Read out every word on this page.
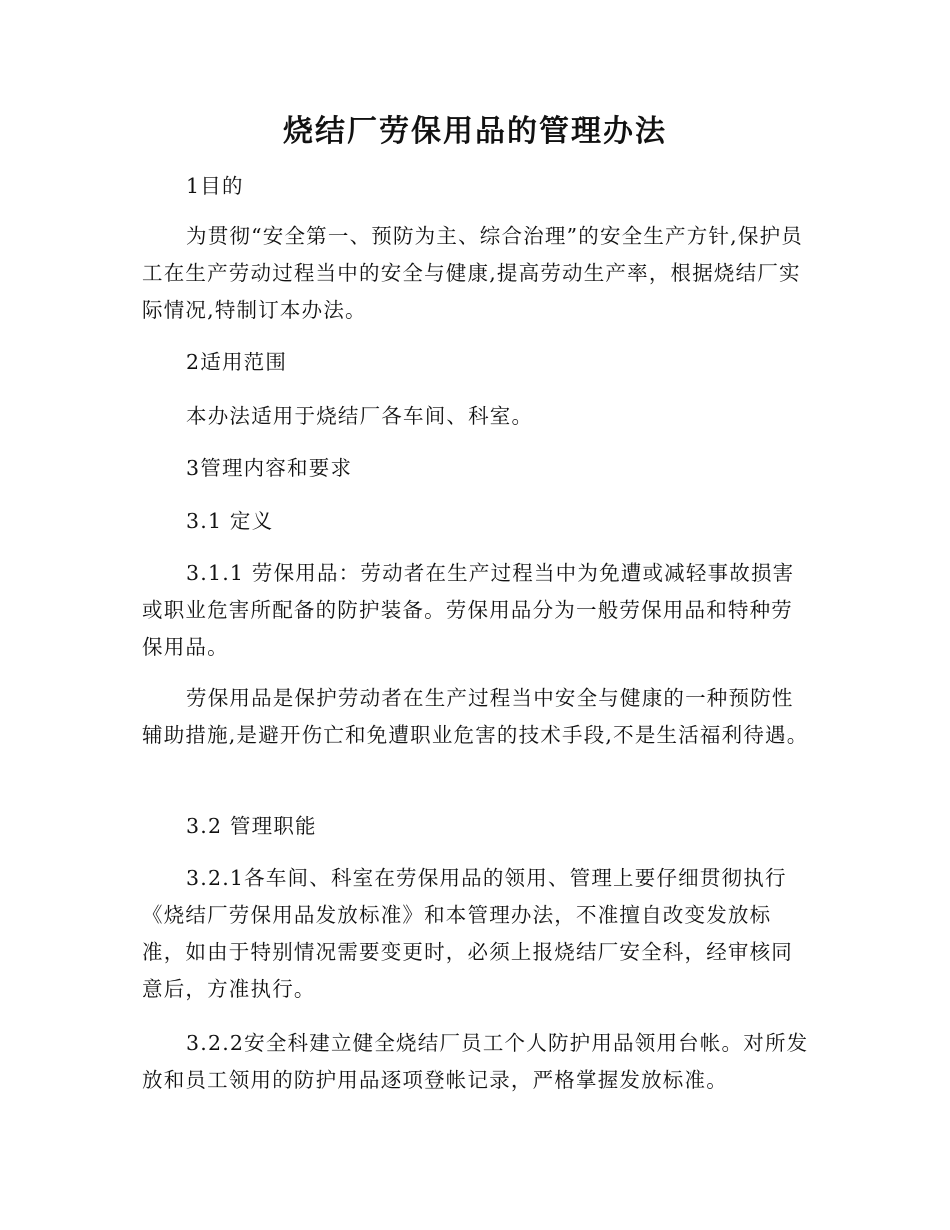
烧结厂劳保用品的管理办法

1目的

为贯彻“安全第一、预防为主、综合治理”的安全生产方针,保护员工在生产劳动过程当中的安全与健康,提高劳动生产率，根据烧结厂实际情况,特制订本办法。

2适用范围

本办法适用于烧结厂各车间、科室。

3管理内容和要求

3.1 定义

3.1.1 劳保用品：劳动者在生产过程当中为免遭或减轻事故损害或职业危害所配备的防护装备。劳保用品分为一般劳保用品和特种劳保用品。

劳保用品是保护劳动者在生产过程当中安全与健康的一种预防性辅助措施,是避开伤亡和免遭职业危害的技术手段,不是生活福利待遇。

3.2 管理职能

3.2.1各车间、科室在劳保用品的领用、管理上要仔细贯彻执行《烧结厂劳保用品发放标准》和本管理办法，不准擅自改变发放标准，如由于特别情况需要变更时，必须上报烧结厂安全科，经审核同意后，方准执行。

3.2.2安全科建立健全烧结厂员工个人防护用品领用台帐。对所发放和员工领用的防护用品逐项登帐记录，严格掌握发放标准。
